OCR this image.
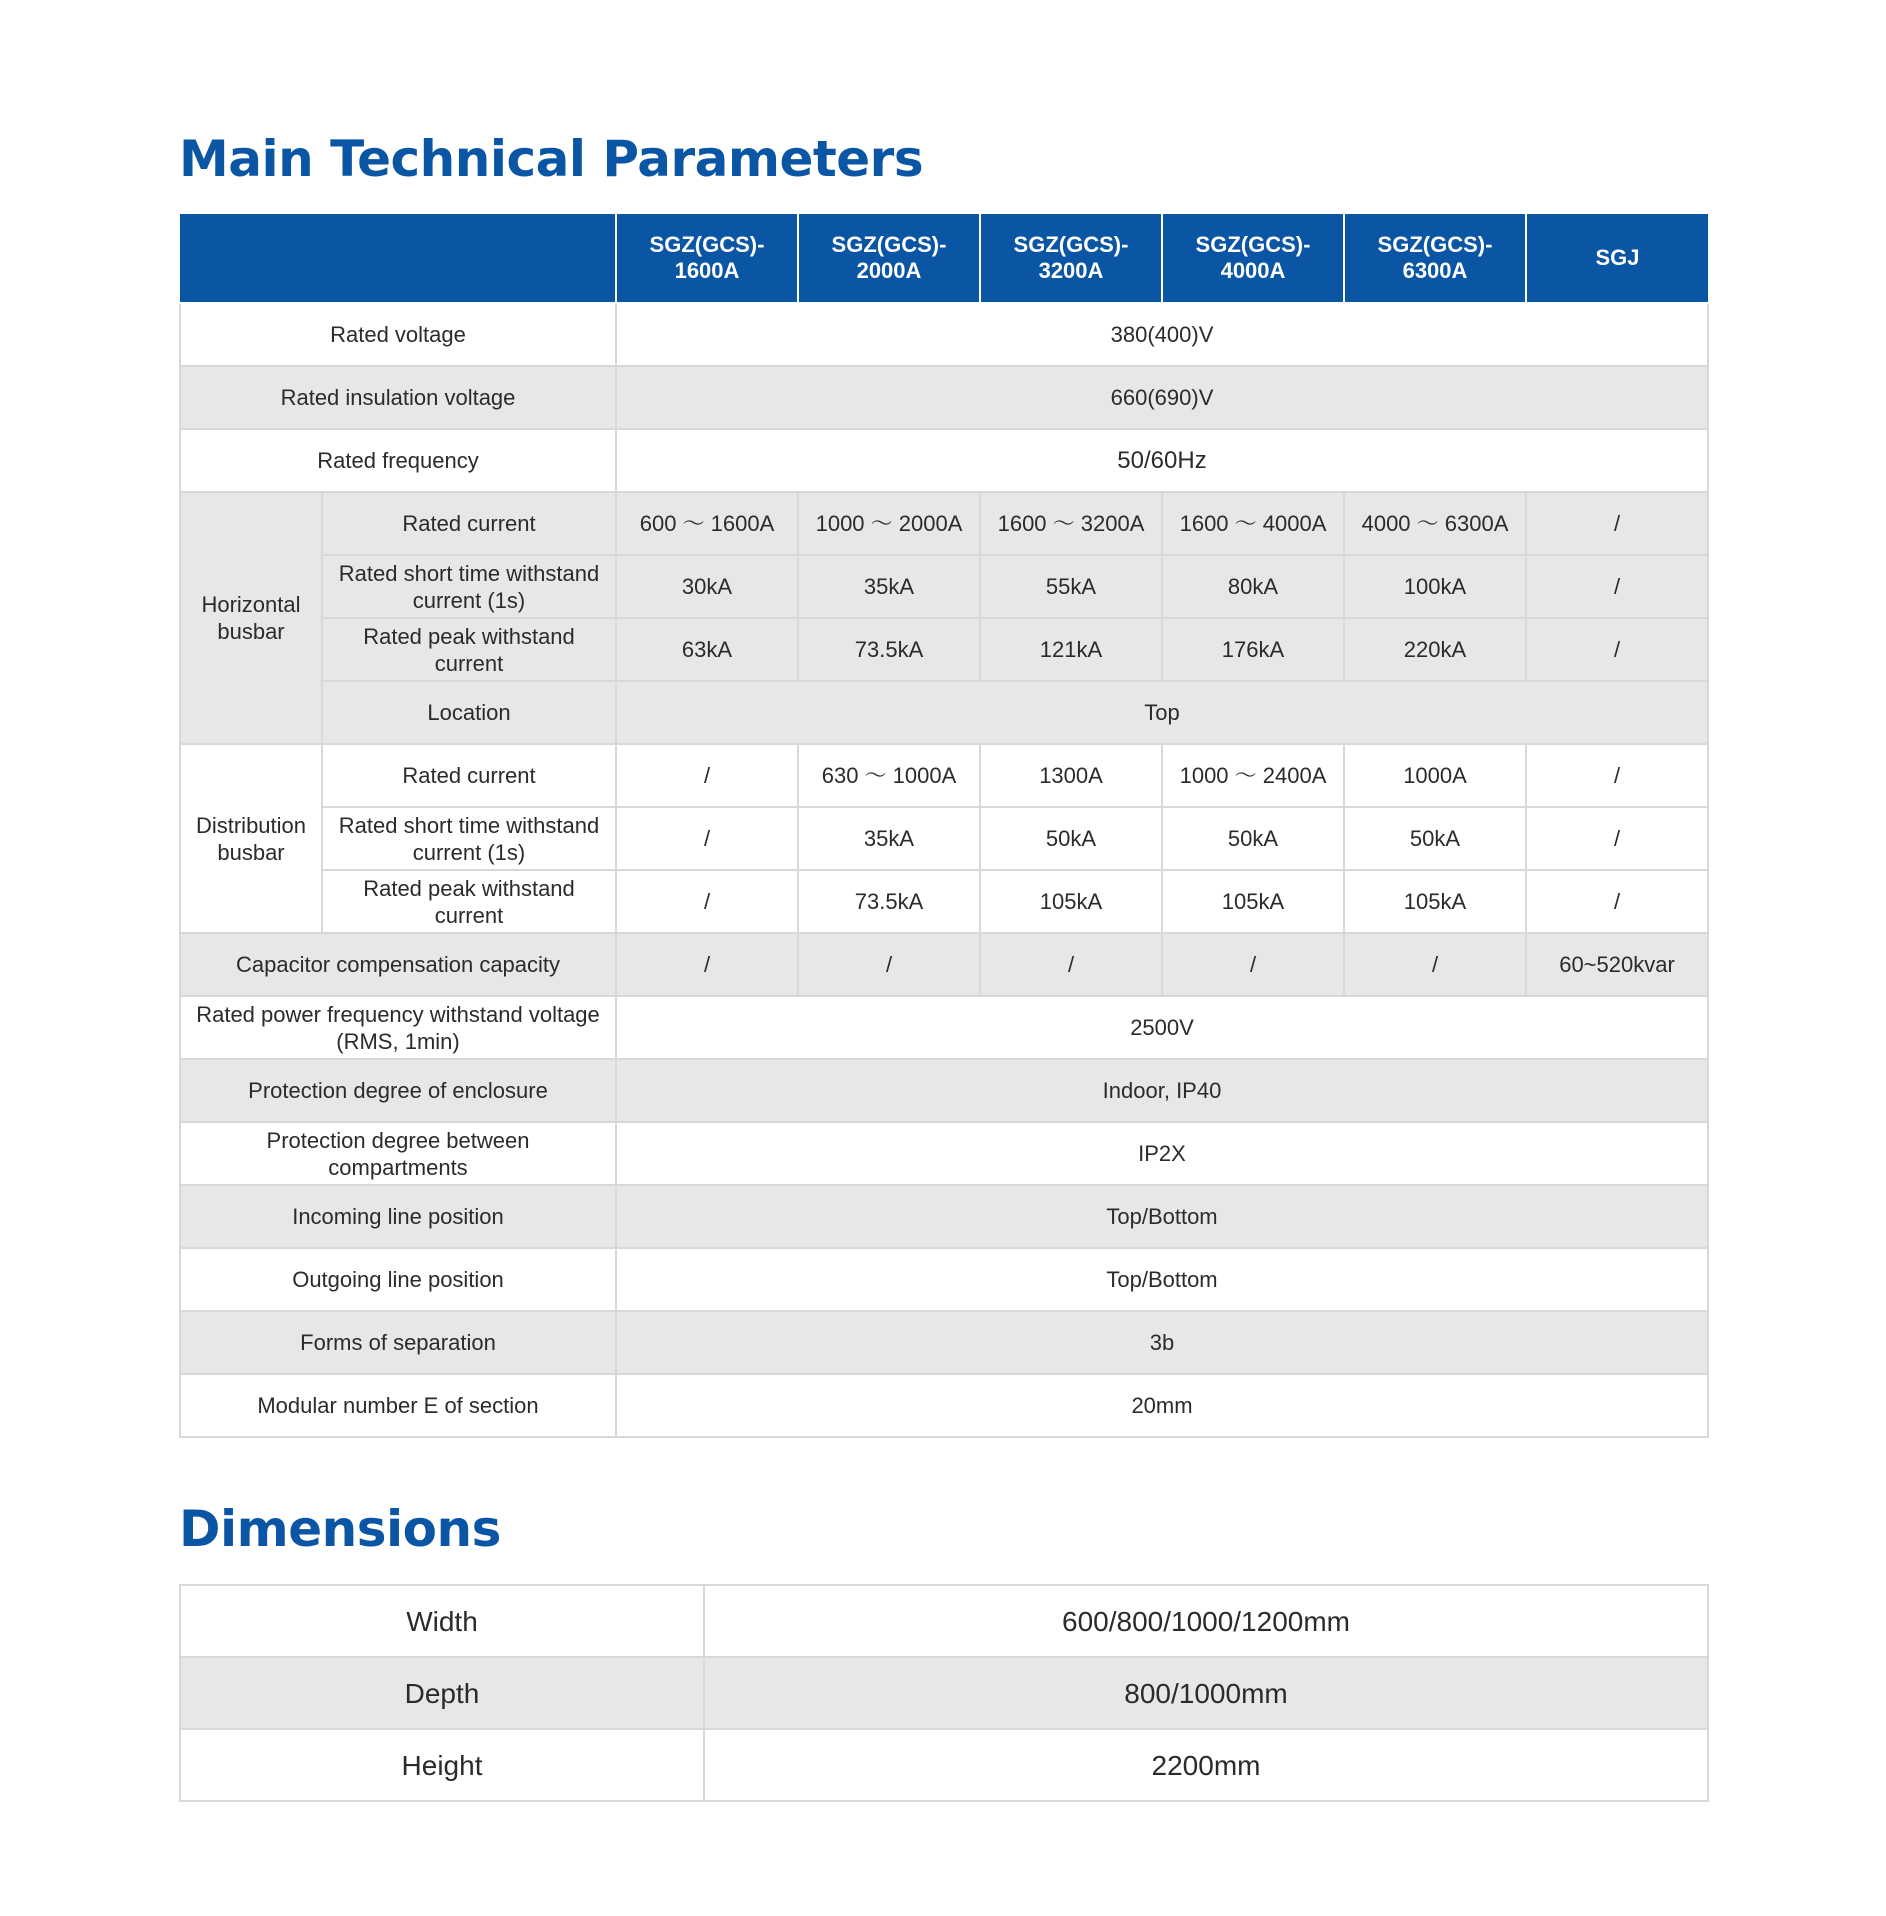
Main Technical Parameters
		SGZ(GCS)-
1600A	SGZ(GCS)-
2000A	SGZ(GCS)-
3200A	SGZ(GCS)-
4000A	SGZ(GCS)-
6300A	SGJ
Rated voltage		380(400)V					
Rated insulation voltage		660(690)V					
Rated frequency		50/60Hz					
Horizontal
busbar	Rated current	600 ～ 1600A	1000 ～ 2000A	1600 ～ 3200A	1600 ～ 4000A	4000 ～ 6300A	/
	Rated short time withstand
current (1s)	30kA	35kA	55kA	80kA	100kA	/
	Rated peak withstand
current	63kA	73.5kA	121kA	176kA	220kA	/
	Location	Top					
Distribution
busbar	Rated current	/	630 ～ 1000A	1300A	1000 ～ 2400A	1000A	/
	Rated short time withstand
current (1s)	/	35kA	50kA	50kA	50kA	/
	Rated peak withstand
current	/	73.5kA	105kA	105kA	105kA	/
Capacitor compensation capacity		/	/	/	/	/	60~520kvar
Rated power frequency withstand voltage
(RMS, 1min)		2500V					
Protection degree of enclosure		Indoor, IP40					
Protection degree between
compartments		IP2X					
Incoming line position		Top/Bottom					
Outgoing line position		Top/Bottom					
Forms of separation		3b					
Modular number E of section		20mm					
Dimensions
Width	600/800/1000/1200mm
Depth	800/1000mm
Height	2200mm
